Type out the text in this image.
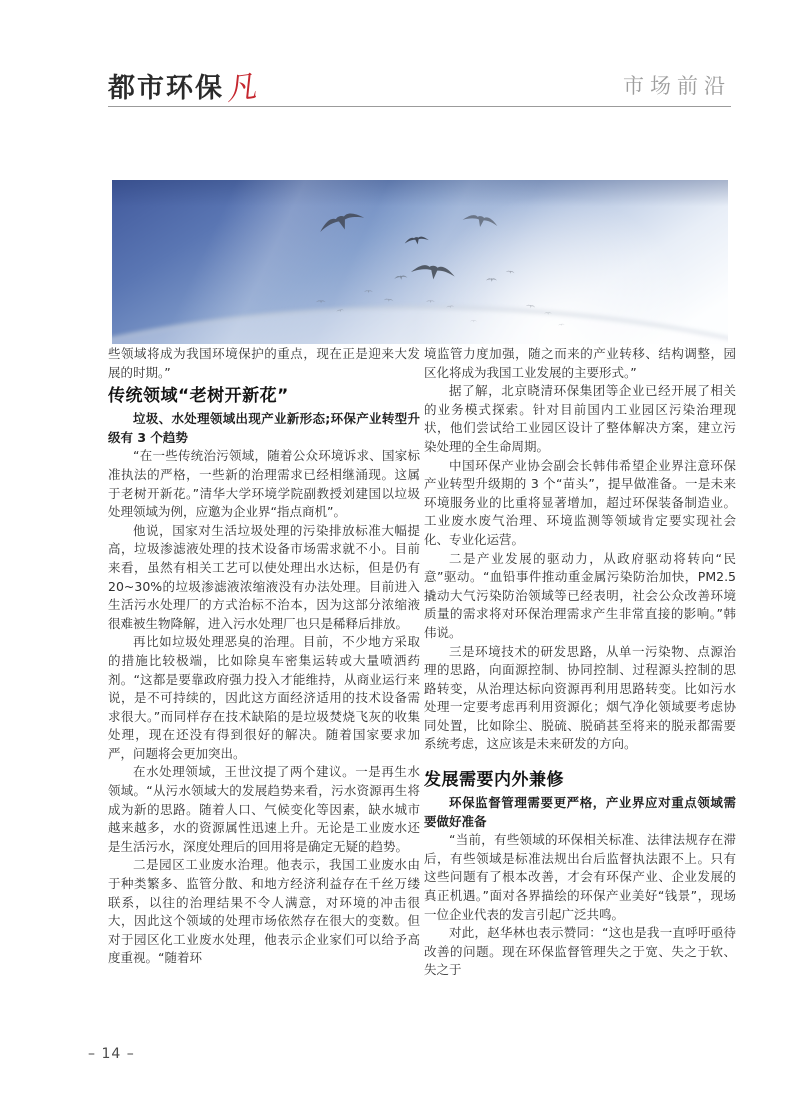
都市环保 凡	市场前沿

些领域将成为我国环境保护的重点，现在正是迎来大发展的时期。”

传统领域“老树开新花”

垃圾、水处理领域出现产业新形态;环保产业转型升级有 3 个趋势

“在一些传统治污领域，随着公众环境诉求、国家标准执法的严格，一些新的治理需求已经相继涌现。这属于老树开新花。”清华大学环境学院副教授刘建国以垃圾处理领域为例，应邀为企业界“指点商机”。

他说，国家对生活垃圾处理的污染排放标准大幅提高，垃圾渗滤液处理的技术设备市场需求就不小。目前来看，虽然有相关工艺可以使处理出水达标，但是仍有20~30%的垃圾渗滤液浓缩液没有办法处理。目前进入生活污水处理厂的方式治标不治本，因为这部分浓缩液很难被生物降解，进入污水处理厂也只是稀释后排放。

再比如垃圾处理恶臭的治理。目前，不少地方采取的措施比较极端，比如除臭车密集运转或大量喷洒药剂。“这都是要靠政府强力投入才能维持，从商业运行来说，是不可持续的，因此这方面经济适用的技术设备需求很大。”而同样存在技术缺陷的是垃圾焚烧飞灰的收集处理，现在还没有得到很好的解决。随着国家要求加严，问题将会更加突出。

在水处理领域，王世汶提了两个建议。一是再生水领域。“从污水领域大的发展趋势来看，污水资源再生将成为新的思路。随着人口、气候变化等因素，缺水城市越来越多，水的资源属性迅速上升。无论是工业废水还是生活污水，深度处理后的回用将是确定无疑的趋势。

二是园区工业废水治理。他表示，我国工业废水由于种类繁多、监管分散、和地方经济利益存在千丝万缕联系，以往的治理结果不令人满意，对环境的冲击很大，因此这个领域的处理市场依然存在很大的变数。但对于园区化工业废水处理，他表示企业家们可以给予高度重视。“随着环

境监管力度加强，随之而来的产业转移、结构调整，园区化将成为我国工业发展的主要形式。”

据了解，北京晓清环保集团等企业已经开展了相关的业务模式探索。针对目前国内工业园区污染治理现状，他们尝试给工业园区设计了整体解决方案，建立污染处理的全生命周期。

中国环保产业协会副会长韩伟希望企业界注意环保产业转型升级期的 3 个“苗头”，提早做准备。一是未来环境服务业的比重将显著增加，超过环保装备制造业。工业废水废气治理、环境监测等领域肯定要实现社会化、专业化运营。

二是产业发展的驱动力，从政府驱动将转向“民意”驱动。“血铅事件推动重金属污染防治加快，PM2.5 撬动大气污染防治领域等已经表明，社会公众改善环境质量的需求将对环保治理需求产生非常直接的影响。”韩伟说。

三是环境技术的研发思路，从单一污染物、点源治理的思路，向面源控制、协同控制、过程源头控制的思路转变，从治理达标向资源再利用思路转变。比如污水处理一定要考虑再利用资源化；烟气净化领域要考虑协同处置，比如除尘、脱硫、脱硝甚至将来的脱汞都需要系统考虑，这应该是未来研发的方向。

发展需要内外兼修

环保监督管理需要更严格，产业界应对重点领域需要做好准备

“当前，有些领域的环保相关标准、法律法规存在滞后，有些领域是标准法规出台后监督执法跟不上。只有这些问题有了根本改善，才会有环保产业、企业发展的真正机遇。”面对各界描绘的环保产业美好“钱景”，现场一位企业代表的发言引起广泛共鸣。

对此，赵华林也表示赞同：“这也是我一直呼吁亟待改善的问题。现在环保监督管理失之于宽、失之于软、失之于

– 14 –
